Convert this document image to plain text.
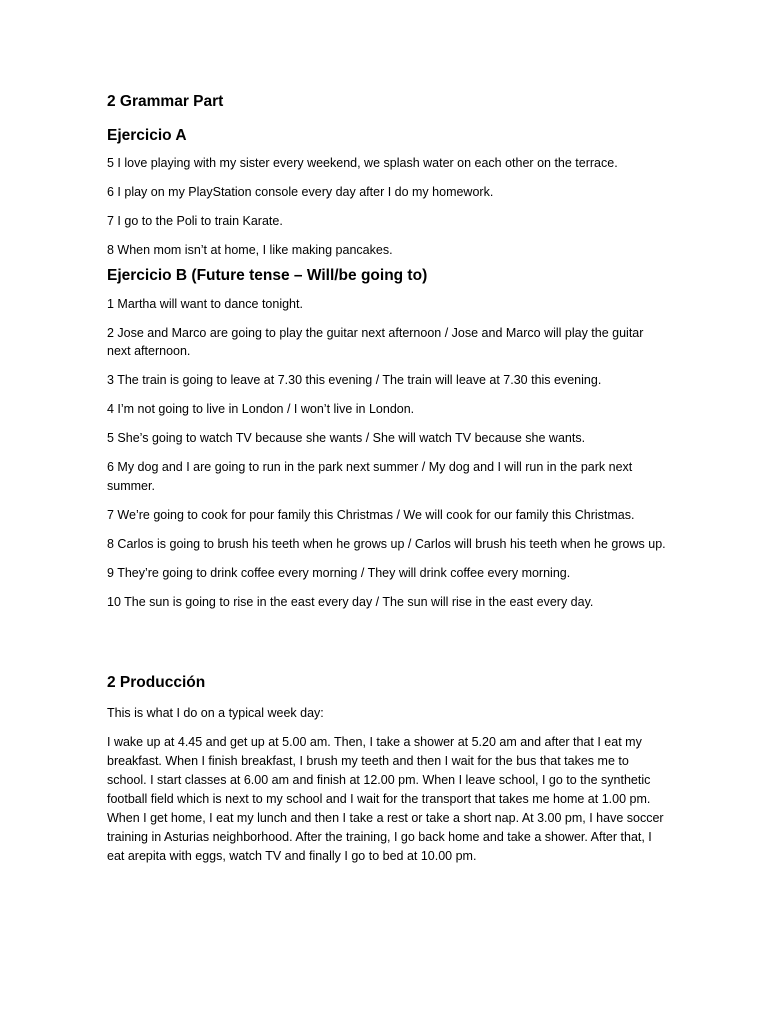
2 Grammar Part
Ejercicio A
5 I love playing with my sister every weekend, we splash water on each other on the terrace.
6 I play on my PlayStation console every day after I do my homework.
7 I go to the Poli to train Karate.
8 When mom isn’t at home, I like making pancakes.
Ejercicio B (Future tense – Will/be going to)
1 Martha will want to dance tonight.
2 Jose and Marco are going to play the guitar next afternoon / Jose and Marco will play the guitar next afternoon.
3 The train is going to leave at 7.30 this evening / The train will leave at 7.30 this evening.
4 I’m not going to live in London / I won’t live in London.
5 She’s going to watch TV because she wants / She will watch TV because she wants.
6 My dog and I are going to run in the park next summer / My dog and I will run in the park next summer.
7 We’re going to cook for pour family this Christmas / We will cook for our family this Christmas.
8 Carlos is going to brush his teeth when he grows up / Carlos will brush his teeth when he grows up.
9 They’re going to drink coffee every morning / They will drink coffee every morning.
10 The sun is going to rise in the east every day / The sun will rise in the east every day.
2 Producción
This is what I do on a typical week day:
I wake up at 4.45 and get up at 5.00 am. Then, I take a shower at 5.20 am and after that I eat my breakfast. When I finish breakfast, I brush my teeth and then I wait for the bus that takes me to school. I start classes at 6.00 am and finish at 12.00 pm. When I leave school, I go to the synthetic football field which is next to my school and I wait for the transport that takes me home at 1.00 pm. When I get home, I eat my lunch and then I take a rest or take a short nap. At 3.00 pm, I have soccer training in Asturias neighborhood. After the training, I go back home and take a shower. After that, I eat arepita with eggs, watch TV and finally I go to bed at 10.00 pm.
